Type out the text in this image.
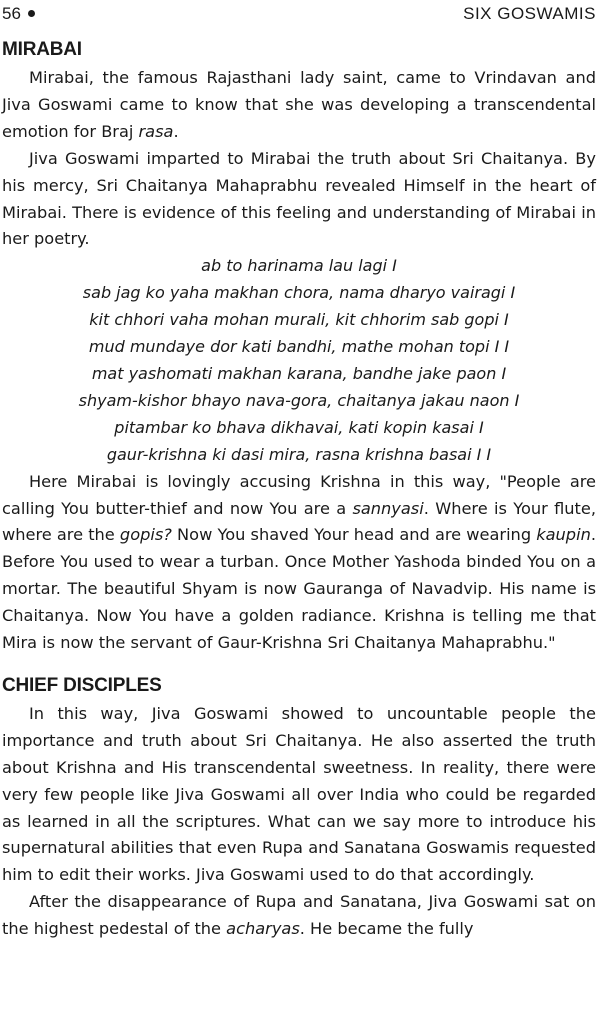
56	SIX GOSWAMIS
MIRABAI

Mirabai, the famous Rajasthani lady saint, came to Vrindavan and Jiva Goswami came to know that she was developing a transcendental emotion for Braj rasa.

Jiva Goswami imparted to Mirabai the truth about Sri Chaitanya. By his mercy, Sri Chaitanya Mahaprabhu revealed Himself in the heart of Mirabai. There is evidence of this feeling and understanding of Mirabai in her poetry.

ab to harinama lau lagi I
sab jag ko yaha makhan chora, nama dharyo vairagi I
kit chhori vaha mohan murali, kit chhorim sab gopi I
mud mundaye dor kati bandhi, mathe mohan topi I I
mat yashomati makhan karana, bandhe jake paon I
shyam-kishor bhayo nava-gora, chaitanya jakau naon I
pitambar ko bhava dikhavai, kati kopin kasai I
gaur-krishna ki dasi mira, rasna krishna basai I I

Here Mirabai is lovingly accusing Krishna in this way, "People are calling You butter-thief and now You are a sannyasi. Where is Your flute, where are the gopis? Now You shaved Your head and are wearing kaupin. Before You used to wear a turban. Once Mother Yashoda binded You on a mortar. The beautiful Shyam is now Gauranga of Navadvip. His name is Chaitanya. Now You have a golden radiance. Krishna is telling me that Mira is now the servant of Gaur-Krishna Sri Chaitanya Mahaprabhu."

CHIEF DISCIPLES

In this way, Jiva Goswami showed to uncountable people the importance and truth about Sri Chaitanya. He also asserted the truth about Krishna and His transcendental sweetness. In reality, there were very few people like Jiva Goswami all over India who could be regarded as learned in all the scriptures. What can we say more to introduce his supernatural abilities that even Rupa and Sanatana Goswamis requested him to edit their works. Jiva Goswami used to do that accordingly.

After the disappearance of Rupa and Sanatana, Jiva Goswami sat on the highest pedestal of the acharyas. He became the fully
